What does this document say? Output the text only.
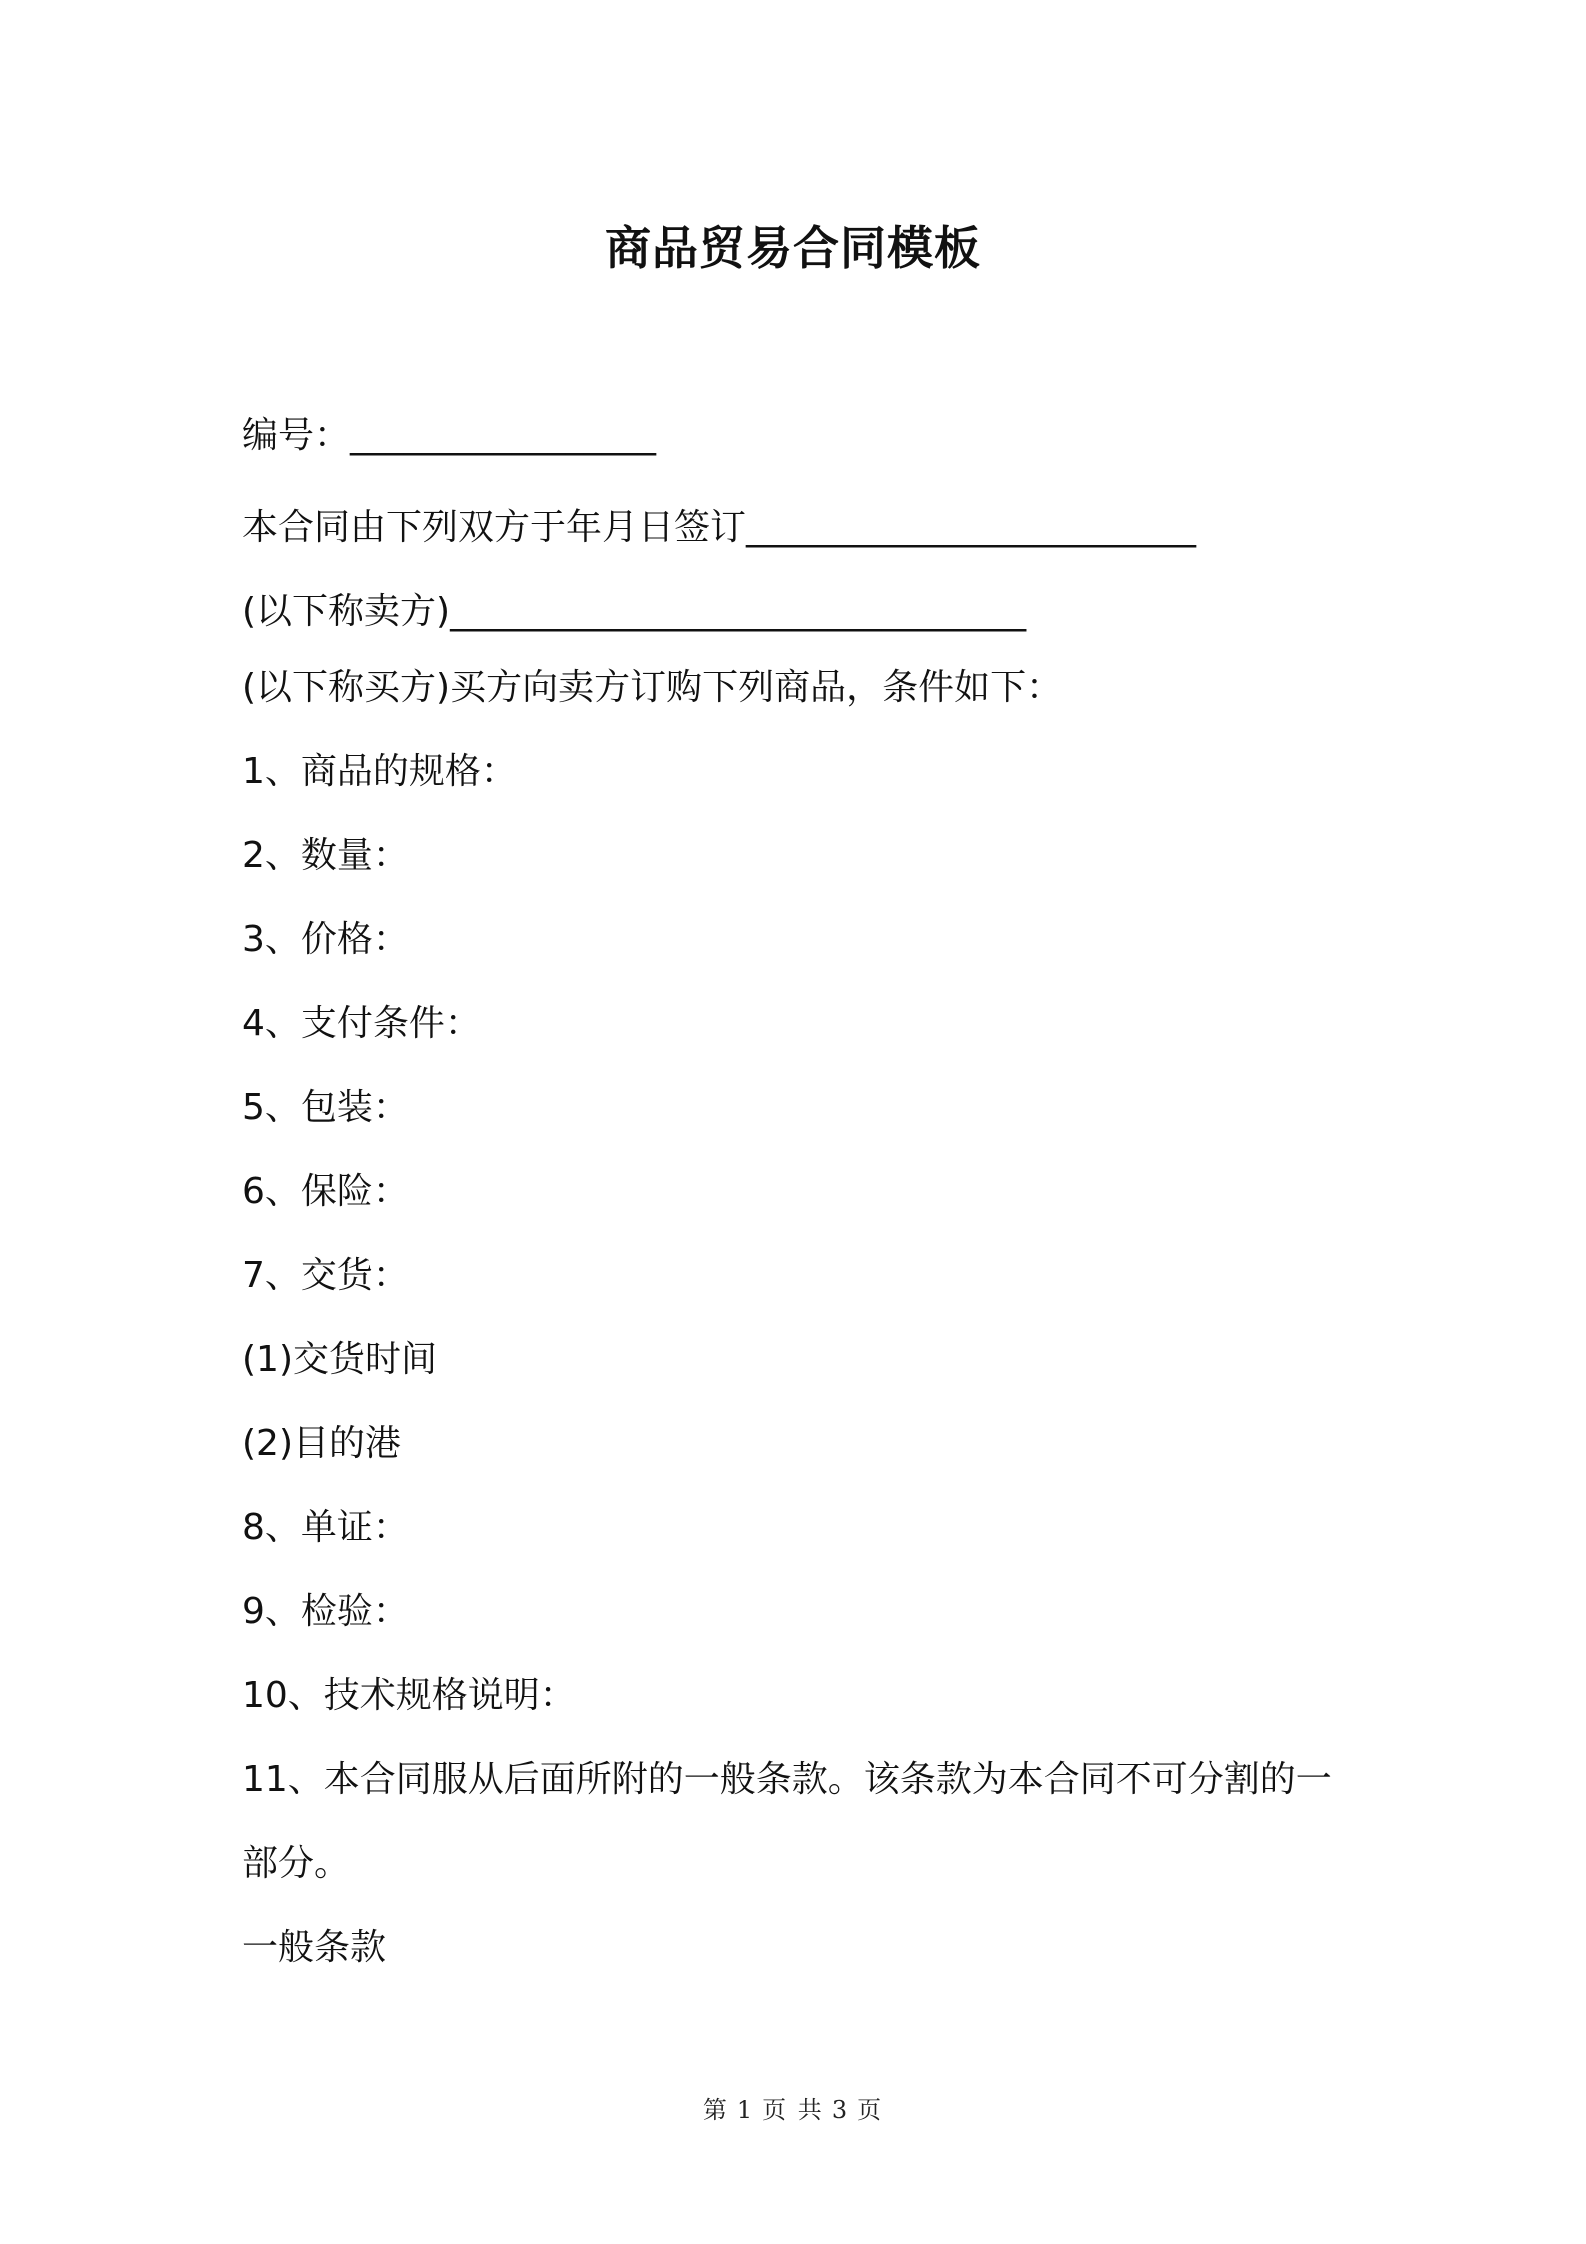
商品贸易合同模板
编号：_________________
本合同由下列双方于年月日签订_________________________
(以下称卖方)________________________________
(以下称买方)买方向卖方订购下列商品，条件如下：
1、商品的规格：
2、数量：
3、价格：
4、支付条件：
5、包装：
6、保险：
7、交货：
(1)交货时间
(2)目的港
8、单证：
9、检验：
10、技术规格说明：
11、本合同服从后面所附的一般条款。该条款为本合同不可分割的一
部分。
一般条款
第 1 页 共 3 页
